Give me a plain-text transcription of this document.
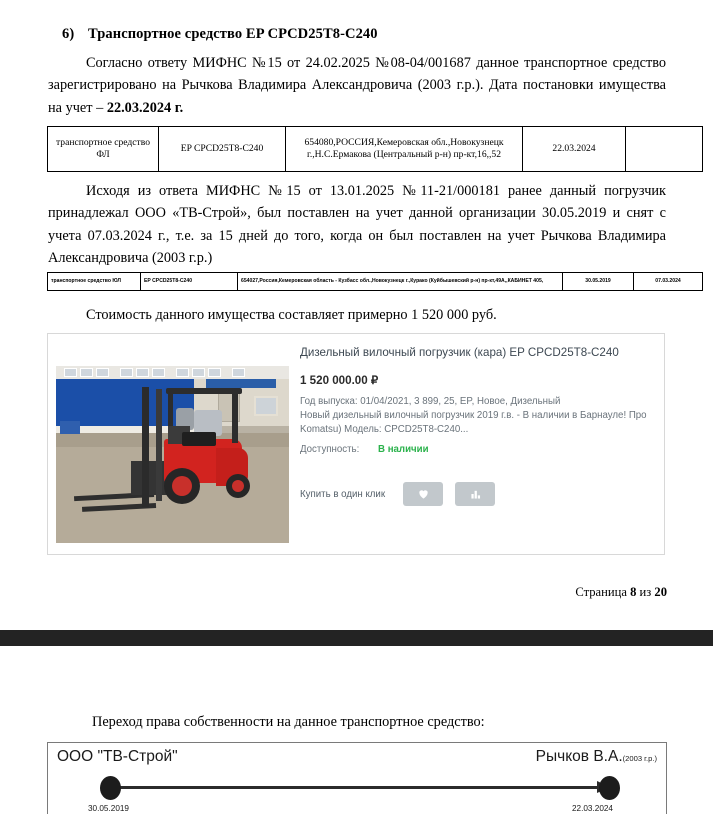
6) Транспортное средство EP CPCD25T8-C240
Согласно ответу МИФНС №15 от 24.02.2025 №08-04/001687 данное транспортное средство зарегистрировано на Рычкова Владимира Александровича (2003 г.р.). Дата постановки имущества на учет – 22.03.2024 г.
транспортное средство ФЛ	EP CPCD25T8-C240	654080,РОССИЯ,Кемеровская обл.,Новокузнецк г.,Н.С.Ермакова (Центральный р-н) пр-кт,16,,52	22.03.2024	
Исходя из ответа МИФНС №15 от 13.01.2025 №11-21/000181 ранее данный погрузчик принадлежал ООО «ТВ-Строй», был поставлен на учет данной организации 30.05.2019 и снят с учета 07.03.2024 г., т.е. за 15 дней до того, когда он был поставлен на учет Рычкова Владимира Александровича (2003 г.р.)
транспортное средство ЮЛ	EP CPCD25T8-C240	654027,Россия,Кемеровская область - Кузбасс обл.,Новокузнецк г.,Курако (Куйбышевский р-н) пр-кт,49А,,КАБИНЕТ 405,	30.05.2019	07.03.2024
Стоимость данного имущества составляет примерно 1 520 000 руб.
Дизельный вилочный погрузчик (кара) EP CPCD25T8-C240
1 520 000.00 ₽
Год выпуска: 01/04/2021, 3 899, 25, EP, Новое, Дизельный
Новый дизельный вилочный погрузчик 2019 г.в. - В наличии в Барнауле! Про
Komatsu) Модель: CPCD25T8-C240...
Доступность: В наличии
Купить в один клик
Страница 8 из 20
Переход права собственности на данное транспортное средство:
ООО "ТВ-Строй"	Рычков В.А.(2003 г.р.)
30.05.2019	22.03.2024
